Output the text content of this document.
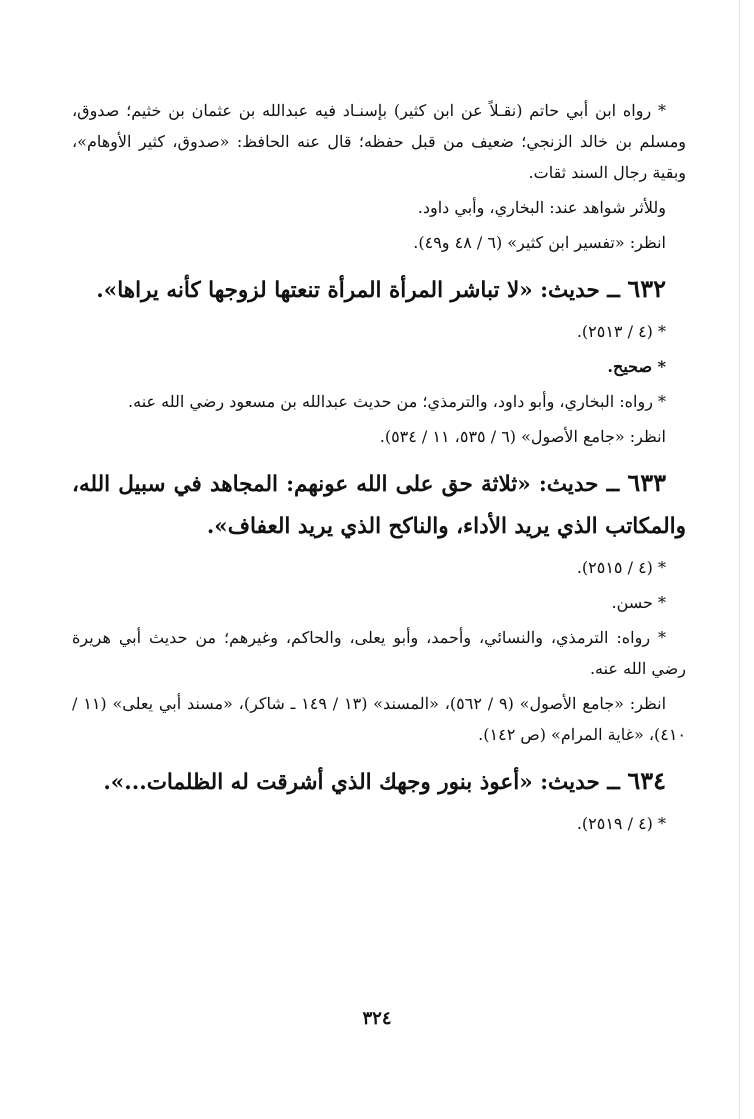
* رواه ابن أبي حاتم (نقـلاً عن ابن كثير) بإسنـاد فيه عبدالله بن عثمان بن خثيم؛ صدوق، ومسلم بن خالد الزنجي؛ ضعيف من قبل حفظه؛ قال عنه الحافظ: «صدوق، كثير الأوهام»، وبقية رجال السند ثقات.

وللأثر شواهد عند: البخاري، وأبي داود.

انظر: «تفسير ابن كثير» (٦ / ٤٨ و٤٩).

٦٣٢ ــ حديث: «لا تباشر المرأة المرأة تنعتها لزوجها كأنه يراها».

* (٤ / ٢٥١٣).

* صحيح.

* رواه: البخاري، وأبو داود، والترمذي؛ من حديث عبدالله بن مسعود رضي الله عنه.

انظر: «جامع الأصول» (٦ / ٥٣٥، ١١ / ٥٣٤).

٦٣٣ ــ حديث: «ثلاثة حق على الله عونهم: المجاهد في سبيل الله، والمكاتب الذي يريد الأداء، والناكح الذي يريد العفاف».

* (٤ / ٢٥١٥).

* حسن.

* رواه: الترمذي، والنسائي، وأحمد، وأبو يعلى، والحاكم، وغيرهم؛ من حديث أبي هريرة رضي الله عنه.

انظر: «جامع الأصول» (٩ / ٥٦٢)، «المسند» (١٣ / ١٤٩ ـ شاكر)، «مسند أبي يعلى» (١١ / ٤١٠)، «غاية المرام» (ص ١٤٢).

٦٣٤ ــ حديث: «أعوذ بنور وجهك الذي أشرقت له الظلمات...».

* (٤ / ٢٥١٩).

٣٢٤
